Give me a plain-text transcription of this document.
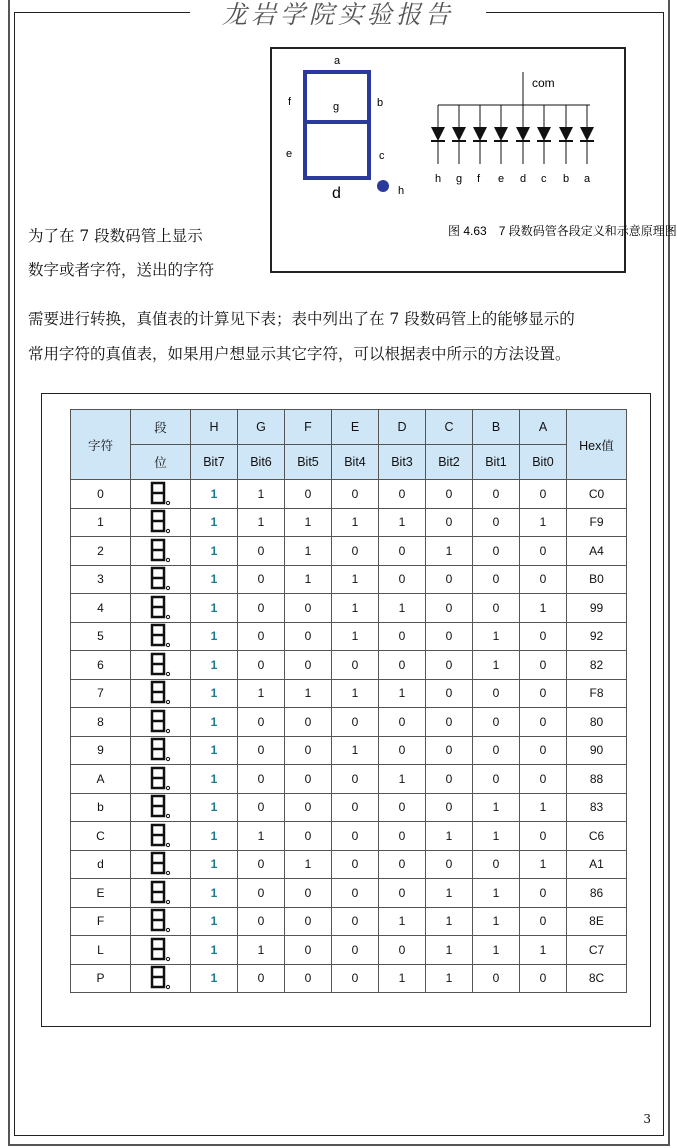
龙岩学院实验报告
a
b
c
d
e
f	g
h
com
h g f e d c b a
图 4.63　7 段数码管各段定义和示意原理图
为了在 7 段数码管上显示
数字或者字符，送出的字符
需要进行转换，真值表的计算见下表；表中列出了在 7 段数码管上的能够显示的
常用字符的真值表，如果用户想显示其它字符，可以根据表中所示的方法设置。
字符	段	H	G	F	E	D	C	B	A	Hex值
	位	Bit7	Bit6	Bit5	Bit4	Bit3	Bit2	Bit1	Bit0	
0		1	1	0	0	0	0	0	0	C0
1		1	1	1	1	1	0	0	1	F9
2		1	0	1	0	0	1	0	0	A4
3		1	0	1	1	0	0	0	0	B0
4		1	0	0	1	1	0	0	1	99
5		1	0	0	1	0	0	1	0	92
6		1	0	0	0	0	0	1	0	82
7		1	1	1	1	1	0	0	0	F8
8		1	0	0	0	0	0	0	0	80
9		1	0	0	1	0	0	0	0	90
A		1	0	0	0	1	0	0	0	88
b		1	0	0	0	0	0	1	1	83
C		1	1	0	0	0	1	1	0	C6
d		1	0	1	0	0	0	0	1	A1
E		1	0	0	0	0	1	1	0	86
F		1	0	0	0	1	1	1	0	8E
L		1	1	0	0	0	1	1	1	C7
P		1	0	0	0	1	1	0	0	8C
3
